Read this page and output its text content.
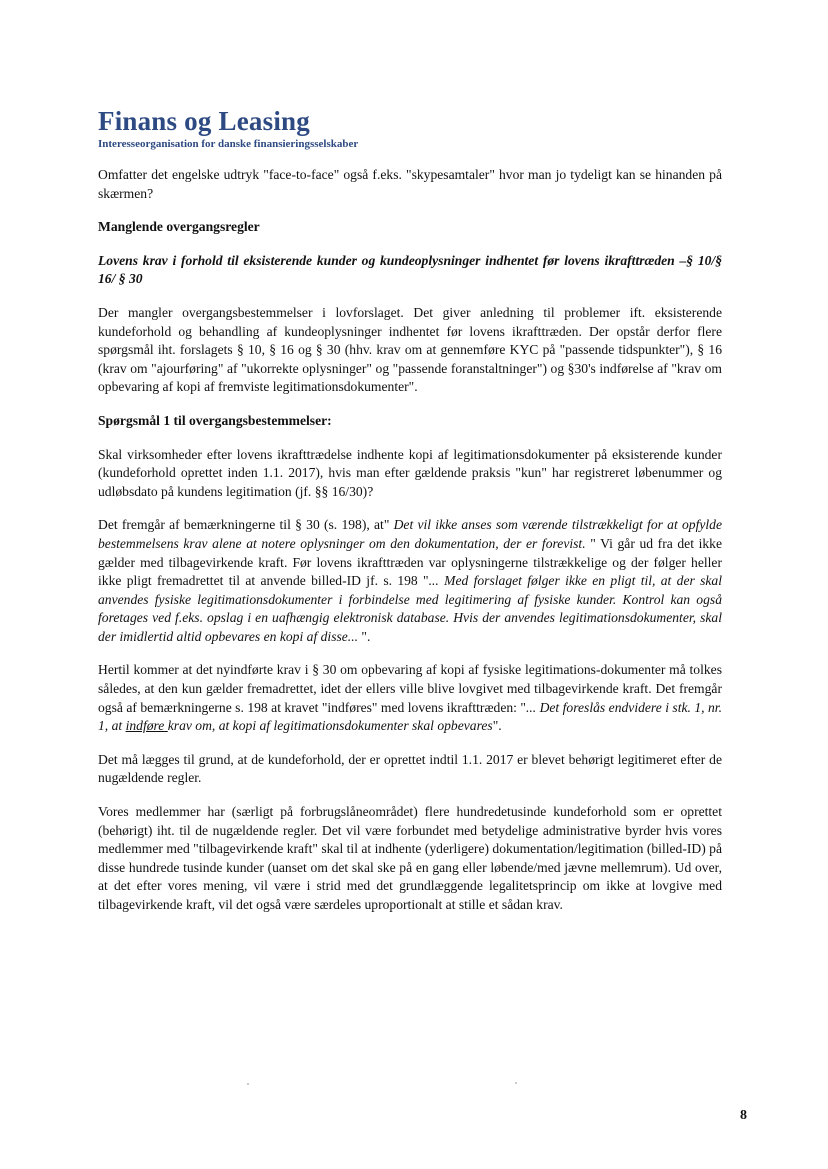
Finans og Leasing
Interesseorganisation for danske finansieringsselskaber

Omfatter det engelske udtryk "face-to-face" også f.eks. "skypesamtaler" hvor man jo tydeligt kan se hinanden på skærmen?

Manglende overgangsregler

Lovens krav i forhold til eksisterende kunder og kundeoplysninger indhentet før lovens ikrafttræden –§ 10/§ 16/ § 30

Der mangler overgangsbestemmelser i lovforslaget. Det giver anledning til problemer ift. eksisterende kundeforhold og behandling af kundeoplysninger indhentet før lovens ikrafttræden. Der opstår derfor flere spørgsmål iht. forslagets § 10, § 16 og § 30 (hhv. krav om at gennemføre KYC på "passende tidspunkter"), § 16 (krav om "ajourføring" af "ukorrekte oplysninger" og "passende foranstaltninger") og §30's indførelse af "krav om opbevaring af kopi af fremviste legitimationsdokumenter".

Spørgsmål 1 til overgangsbestemmelser:

Skal virksomheder efter lovens ikrafttrædelse indhente kopi af legitimationsdokumenter på eksisterende kunder (kundeforhold oprettet inden 1.1. 2017), hvis man efter gældende praksis "kun" har registreret løbenummer og udløbsdato på kundens legitimation (jf. §§ 16/30)?

Det fremgår af bemærkningerne til § 30 (s. 198), at" Det vil ikke anses som værende tilstrækkeligt for at opfylde bestemmelsens krav alene at notere oplysninger om den dokumentation, der er forevist. " Vi går ud fra det ikke gælder med tilbagevirkende kraft. Før lovens ikrafttræden var oplysningerne tilstrækkelige og der følger heller ikke pligt fremadrettet til at anvende billed-ID jf. s. 198 "... Med forslaget følger ikke en pligt til, at der skal anvendes fysiske legitimationsdokumenter i forbindelse med legitimering af fysiske kunder. Kontrol kan også foretages ved f.eks. opslag i en uafhængig elektronisk database. Hvis der anvendes legitimationsdokumenter, skal der imidlertid altid opbevares en kopi af disse... ".

Hertil kommer at det nyindførte krav i § 30 om opbevaring af kopi af fysiske legitimations-dokumenter må tolkes således, at den kun gælder fremadrettet, idet der ellers ville blive lovgivet med tilbagevirkende kraft. Det fremgår også af bemærkningerne s. 198 at kravet "indføres" med lovens ikrafttræden: "... Det foreslås endvidere i stk. 1, nr. 1, at indføre krav om, at kopi af legitimationsdokumenter skal opbevares".

Det må lægges til grund, at de kundeforhold, der er oprettet indtil 1.1. 2017 er blevet behørigt legitimeret efter de nugældende regler.

Vores medlemmer har (særligt på forbrugslåneområdet) flere hundredetusinde kundeforhold som er oprettet (behørigt) iht. til de nugældende regler. Det vil være forbundet med betydelige administrative byrder hvis vores medlemmer med "tilbagevirkende kraft" skal til at indhente (yderligere) dokumentation/legitimation (billed-ID) på disse hundrede tusinde kunder (uanset om det skal ske på en gang eller løbende/med jævne mellemrum). Ud over, at det efter vores mening, vil være i strid med det grundlæggende legalitetsprincip om ikke at lovgive med tilbagevirkende kraft, vil det også være særdeles uproportionalt at stille et sådan krav.

8
